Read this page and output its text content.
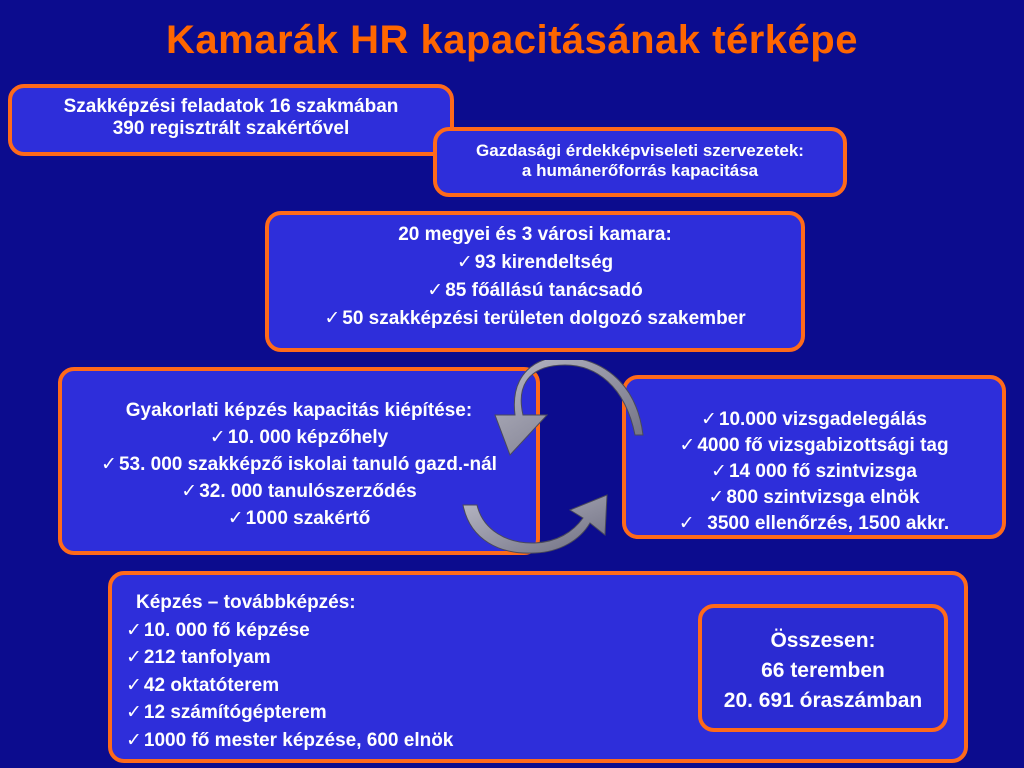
Kamarák HR kapacitásának térképe
Szakképzési feladatok 16 szakmában
390 regisztrált szakértővel
Gazdasági érdekképviseleti szervezetek:
a humánerőforrás kapacitása
20 megyei és 3 városi kamara:
✓ 93 kirendeltség
✓ 85 főállású tanácsadó
✓ 50 szakképzési területen dolgozó szakember
Gyakorlati képzés kapacitás kiépítése:
✓ 10. 000 képzőhely
✓ 53. 000 szakképző iskolai tanuló gazd.-nál
✓ 32. 000 tanulószerződés
✓ 1000 szakértő
✓ 10.000 vizsgadelegálás
✓ 4000 fő vizsgabizottsági tag
✓ 14 000 fő szintvizsga
✓ 800 szintvizsga elnök
✓   3500 ellenőrzés, 1500 akkr.
Képzés – továbbképzés:
✓ 10. 000 fő képzése
✓ 212 tanfolyam
✓ 42 oktatóterem
✓ 12 számítógépterem
✓ 1000 fő mester képzése, 600 elnök
Összesen:
66 teremben
20. 691 óraszámban
